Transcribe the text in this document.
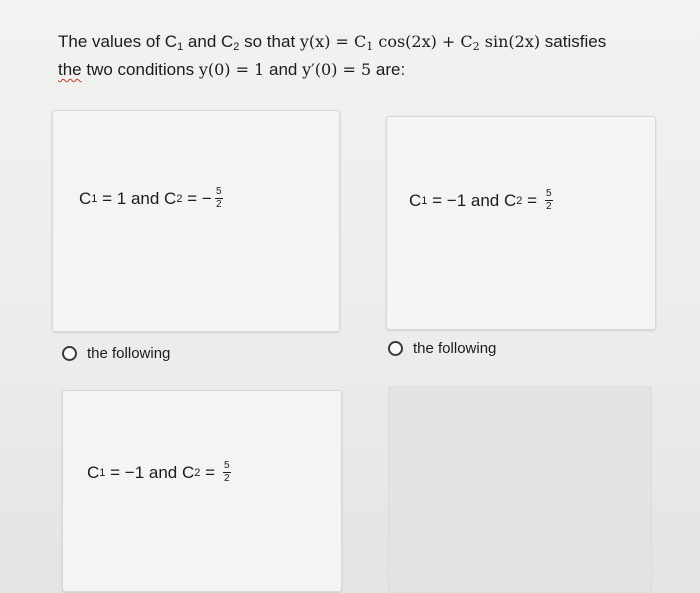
The values of $C_1$ and $C_2$ so that $y(x) = C_1$ $\cos(2x) + C_2$ sin(2x) satisfies
the two conditions y(0) = 1 and y′(0) = 5 are:
C 1 = 1 and C 2 = − $\frac{5}{2}$
the following
C 1 = −1 and C $2 = \frac{5}{2}$
the following
C 1 = −1 and C $2 = \frac{5}{2}$
